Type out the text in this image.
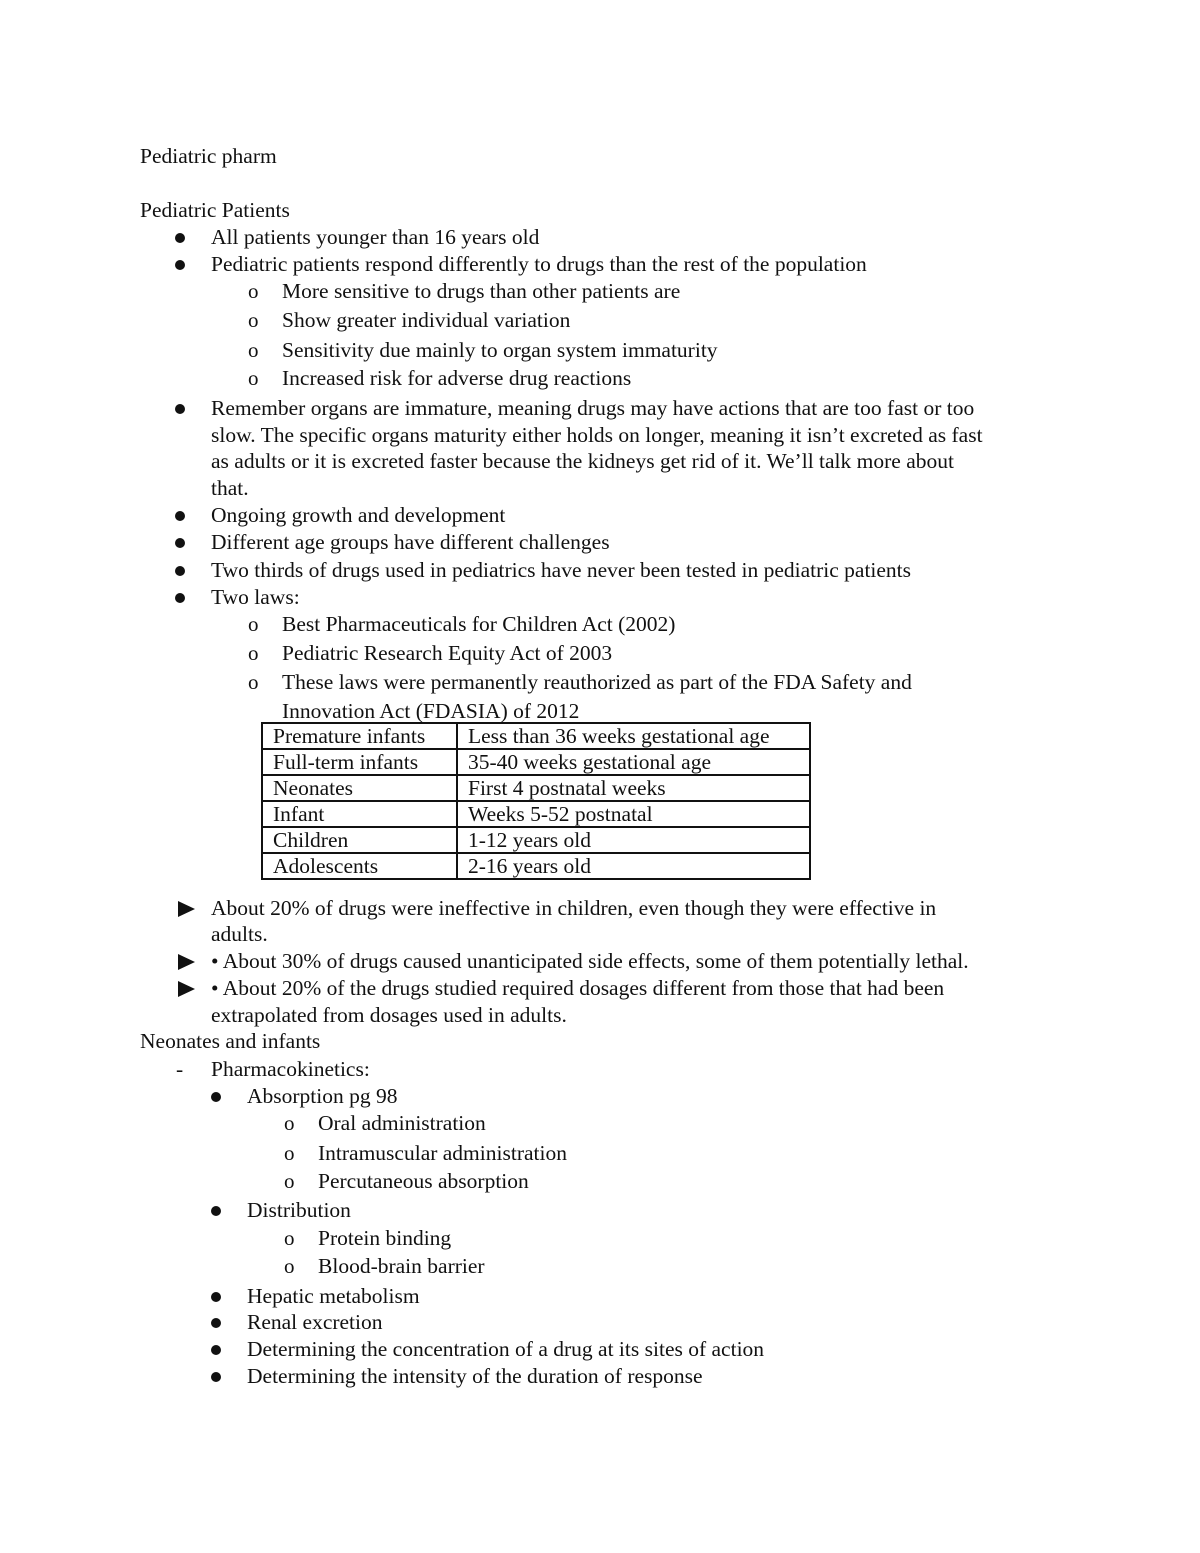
Pediatric pharm
Pediatric Patients
All patients younger than 16 years old
Pediatric patients respond differently to drugs than the rest of the population
o More sensitive to drugs than other patients are
o Show greater individual variation
o Sensitivity due mainly to organ system immaturity
o Increased risk for adverse drug reactions
Remember organs are immature, meaning drugs may have actions that are too fast or too
slow. The specific organs maturity either holds on longer, meaning it isn’t excreted as fast
as adults or it is excreted faster because the kidneys get rid of it. We’ll talk more about
that.
Ongoing growth and development
Different age groups have different challenges
Two thirds of drugs used in pediatrics have never been tested in pediatric patients
Two laws:
o Best Pharmaceuticals for Children Act (2002)
o Pediatric Research Equity Act of 2003
o These laws were permanently reauthorized as part of the FDA Safety and
Innovation Act (FDASIA) of 2012
Premature infants	Less than 36 weeks gestational age
Full-term infants	35-40 weeks gestational age
Neonates	First 4 postnatal weeks
Infant	Weeks 5-52 postnatal
Children	1-12 years old
Adolescents	2-16 years old
About 20% of drugs were ineffective in children, even though they were effective in
adults.
• About 30% of drugs caused unanticipated side effects, some of them potentially lethal.
• About 20% of the drugs studied required dosages different from those that had been
extrapolated from dosages used in adults.
Neonates and infants
- Pharmacokinetics:
Absorption pg 98
o Oral administration
o Intramuscular administration
o Percutaneous absorption
Distribution
o Protein binding
o Blood-brain barrier
Hepatic metabolism
Renal excretion
Determining the concentration of a drug at its sites of action
Determining the intensity of the duration of response
